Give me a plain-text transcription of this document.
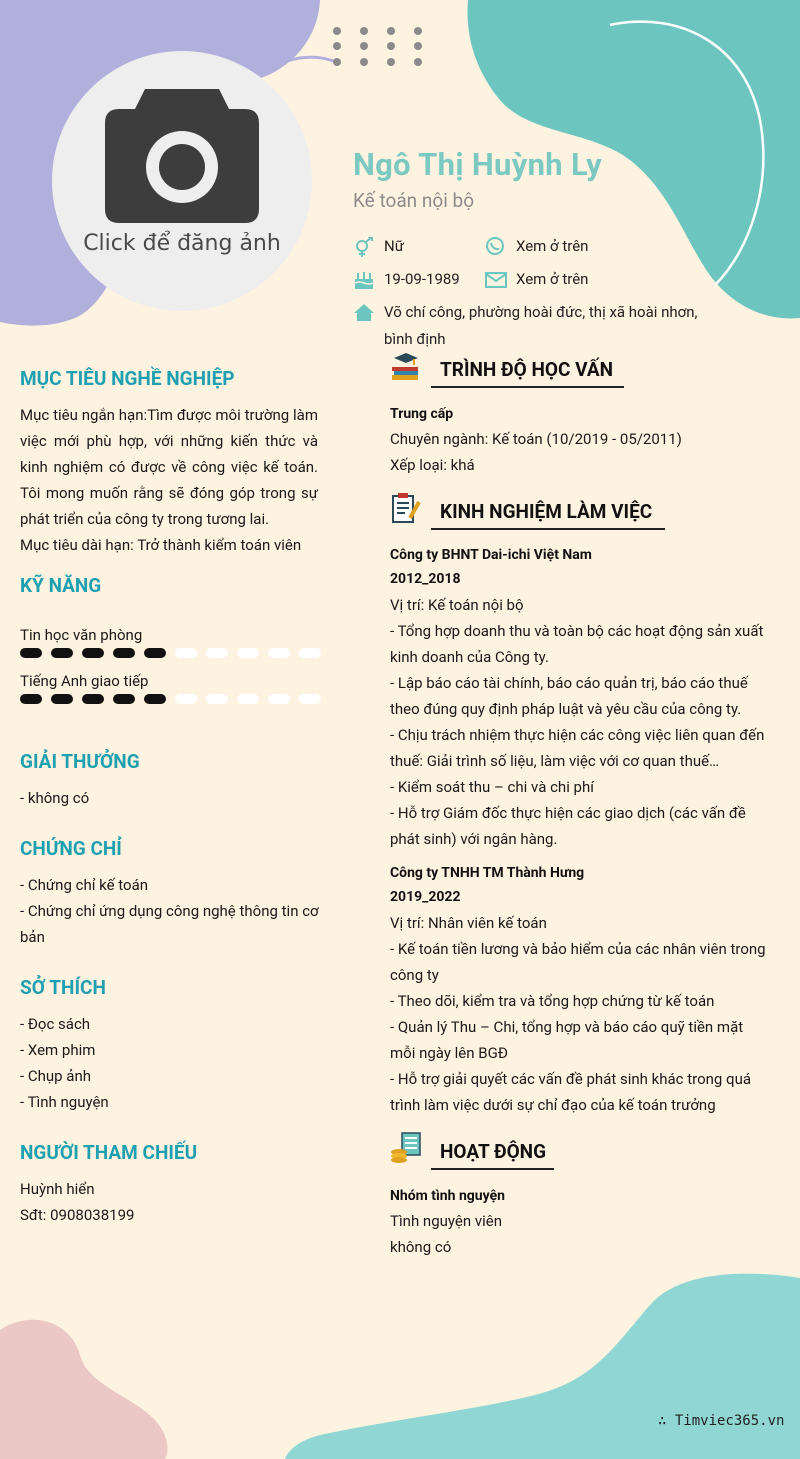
Click để đăng ảnh
Ngô Thị Huỳnh Ly
Kế toán nội bộ
Nữ	Xem ở trên
19-09-1989	Xem ở trên
Võ chí công, phường hoài đức, thị xã hoài nhơn,
bình định
MỤC TIÊU NGHỀ NGHIỆP
Mục tiêu ngắn hạn:Tìm được môi trường làm việc mới phù hợp, với những kiến thức và kinh nghiệm có được về công việc kế toán. Tôi mong muốn rằng sẽ đóng góp trong sự phát triển của công ty trong tương lai.
Mục tiêu dài hạn: Trở thành kiểm toán viên
KỸ NĂNG
Tin học văn phòng
Tiếng Anh giao tiếp
GIẢI THƯỞNG
- không có
CHỨNG CHỈ
- Chứng chỉ kế toán
- Chứng chỉ ứng dụng công nghệ thông tin cơ
bản
SỞ THÍCH
- Đọc sách
- Xem phim
- Chụp ảnh
- Tình nguyện
NGƯỜI THAM CHIẾU
Huỳnh hiển
Sđt: 0908038199
TRÌNH ĐỘ HỌC VẤN
Trung cấp
Chuyên ngành: Kế toán (10/2019 - 05/2011)
Xếp loại: khá
KINH NGHIỆM LÀM VIỆC
Công ty BHNT Dai-ichi Việt Nam
2012_2018
Vị trí: Kế toán nội bộ
- Tổng hợp doanh thu và toàn bộ các hoạt động sản xuất
kinh doanh của Công ty.
- Lập báo cáo tài chính, báo cáo quản trị, báo cáo thuế
theo đúng quy định pháp luật và yêu cầu của công ty.
- Chịu trách nhiệm thực hiện các công việc liên quan đến
thuế: Giải trình số liệu, làm việc với cơ quan thuế…
- Kiểm soát thu – chi và chi phí
- Hỗ trợ Giám đốc thực hiện các giao dịch (các vấn đề
phát sinh) với ngân hàng.
Công ty TNHH TM Thành Hưng
2019_2022
Vị trí: Nhân viên kế toán
- Kế toán tiền lương và bảo hiểm của các nhân viên trong
công ty
- Theo dõi, kiểm tra và tổng hợp chứng từ kế toán
- Quản lý Thu – Chi, tổng hợp và báo cáo quỹ tiền mặt
mỗi ngày lên BGĐ
- Hỗ trợ giải quyết các vấn đề phát sinh khác trong quá
trình làm việc dưới sự chỉ đạo của kế toán trưởng
HOẠT ĐỘNG
Nhóm tình nguyện
Tình nguyện viên
không có
∴ Timviec365.vn
